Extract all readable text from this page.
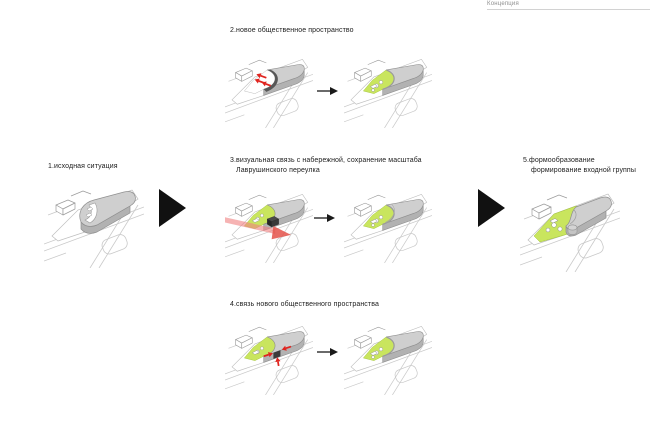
Концепция
2.новое общественное пространство
1.исходная ситуация
3.визуальная связь с набережной, сохранение масштаба
Лаврушинского переулка
5.формообразование
формирование входной группы
4.связь нового общественного пространства
